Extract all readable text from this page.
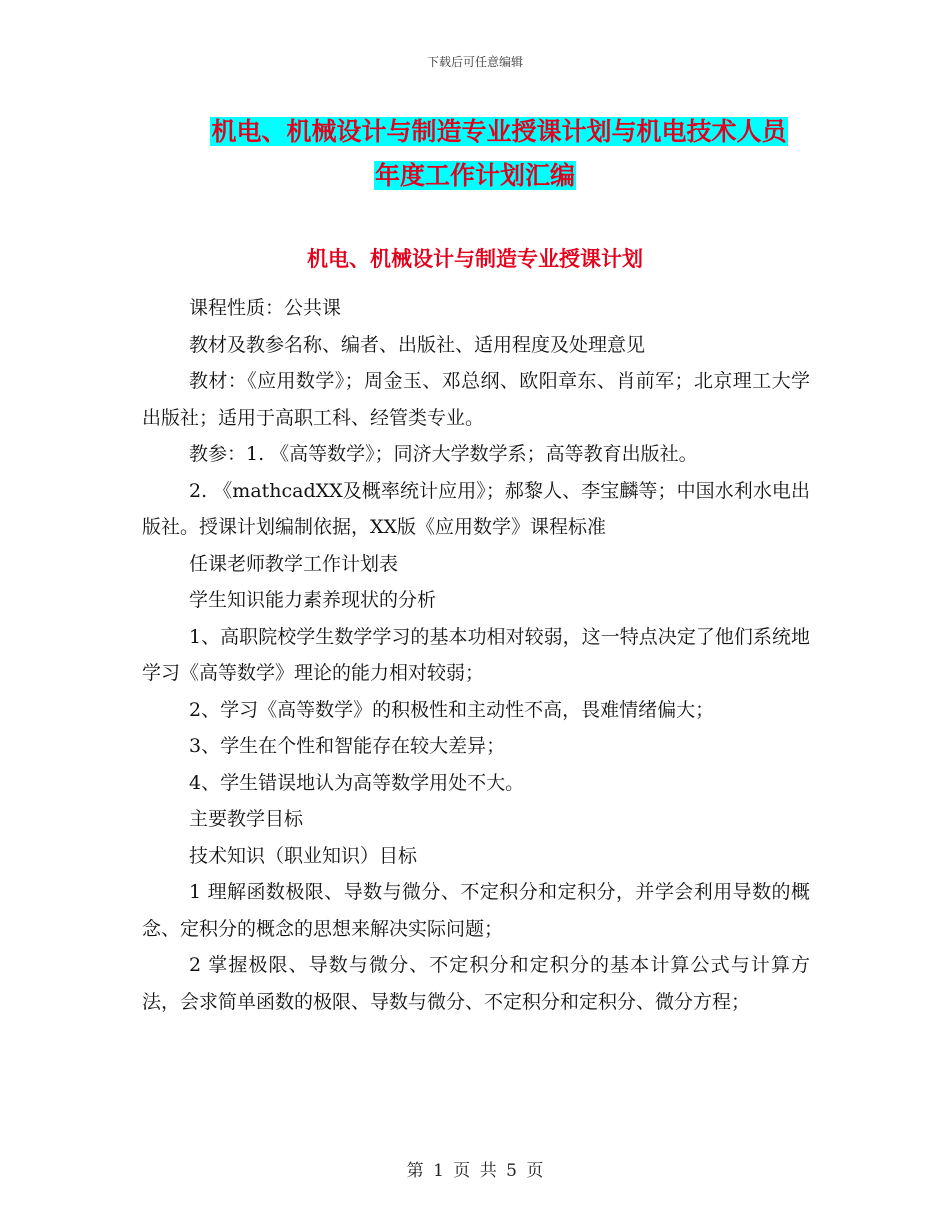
下载后可任意编辑
机电、机械设计与制造专业授课计划与机电技术人员
年度工作计划汇编
机电、机械设计与制造专业授课计划

课程性质：公共课

教材及教参名称、编者、出版社、适用程度及处理意见

教材：《应用数学》；周金玉、邓总纲、欧阳章东、肖前军；北京理工大学出版社；适用于高职工科、经管类专业。

教参：1. 《高等数学》；同济大学数学系；高等教育出版社。

2. 《mathcadXX及概率统计应用》；郝黎人、李宝麟等；中国水利水电出版社。授课计划编制依据，XX版《应用数学》课程标准

任课老师教学工作计划表

学生知识能力素养现状的分析

1、高职院校学生数学学习的基本功相对较弱，这一特点决定了他们系统地学习《高等数学》理论的能力相对较弱；

2、学习《高等数学》的积极性和主动性不高，畏难情绪偏大；

3、学生在个性和智能存在较大差异；

4、学生错误地认为高等数学用处不大。

主要教学目标

技术知识（职业知识）目标

1 理解函数极限、导数与微分、不定积分和定积分，并学会利用导数的概念、定积分的概念的思想来解决实际问题；

2 掌握极限、导数与微分、不定积分和定积分的基本计算公式与计算方法，会求简单函数的极限、导数与微分、不定积分和定积分、微分方程；

第 1 页 共 5 页
